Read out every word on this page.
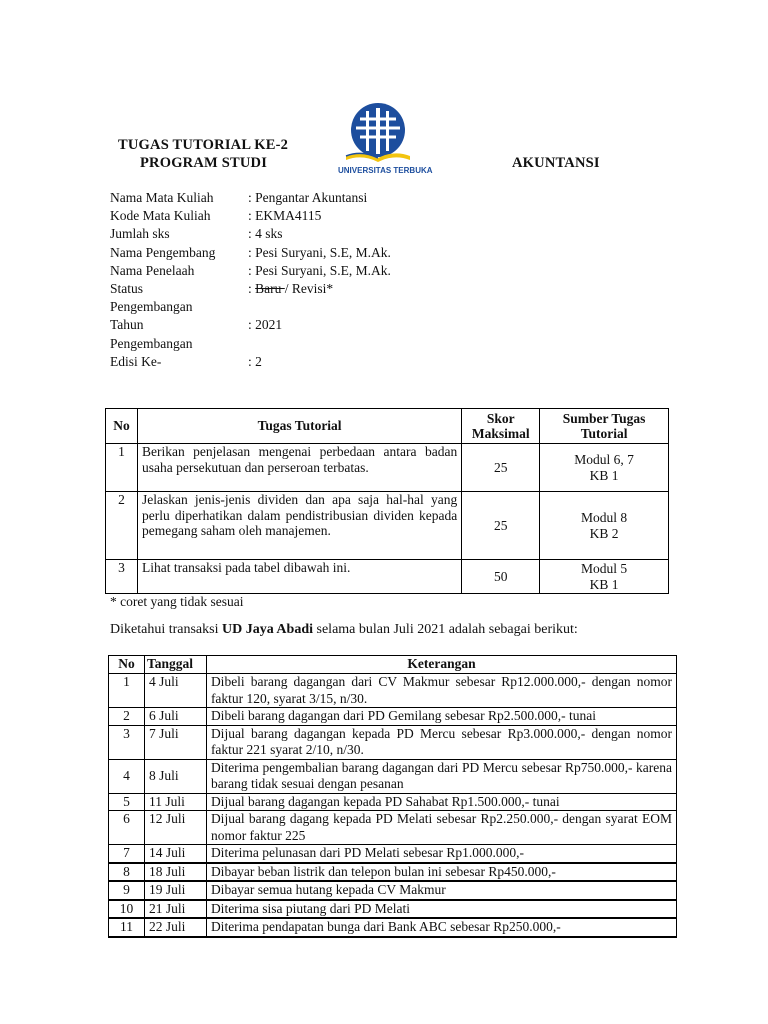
TUGAS TUTORIAL KE-2
PROGRAM STUDI	AKUNTANSI
UNIVERSITAS TERBUKA
Nama Mata Kuliah	: Pengantar Akuntansi
Kode Mata Kuliah	: EKMA4115
Jumlah sks	: 4 sks
Nama Pengembang	: Pesi Suryani, S.E, M.Ak.
Nama Penelaah	: Pesi Suryani, S.E, M.Ak.
Status	: Baru / Revisi*
Pengembangan
Tahun	: 2021
Pengembangan
Edisi Ke-	: 2
No	Tugas Tutorial	Skor Maksimal	Sumber Tugas Tutorial
1	Berikan penjelasan mengenai perbedaan antara badan usaha persekutuan dan perseroan terbatas.	25	Modul 6, 7
KB 1

2	Jelaskan jenis-jenis dividen dan apa saja hal-hal yang perlu diperhatikan dalam pendistribusian dividen kepada pemegang saham oleh manajemen.	25	Modul 8
KB 2

3	Lihat transaksi pada tabel dibawah ini.	50	Modul 5
KB 1
* coret yang tidak sesuai
Diketahui transaksi UD Jaya Abadi selama bulan Juli 2021 adalah sebagai berikut:
No	Tanggal	Keterangan
1	4 Juli	Dibeli barang dagangan dari CV Makmur sebesar Rp12.000.000,- dengan nomor faktur 120, syarat 3/15, n/30.
2	6 Juli	Dibeli barang dagangan dari PD Gemilang sebesar Rp2.500.000,- tunai
3	7 Juli	Dijual barang dagangan kepada PD Mercu sebesar Rp3.000.000,- dengan nomor faktur 221 syarat 2/10, n/30.
4	8 Juli	Diterima pengembalian barang dagangan dari PD Mercu sebesar Rp750.000,- karena barang tidak sesuai dengan pesanan
5	11 Juli	Dijual barang dagangan kepada PD Sahabat Rp1.500.000,- tunai
6	12 Juli	Dijual barang dagang kepada PD Melati sebesar Rp2.250.000,- dengan syarat EOM nomor faktur 225
7	14 Juli	Diterima pelunasan dari PD Melati sebesar Rp1.000.000,-
8	18 Juli	Dibayar beban listrik dan telepon bulan ini sebesar Rp450.000,-
9	19 Juli	Dibayar semua hutang kepada CV Makmur
10	21 Juli	Diterima sisa piutang dari PD Melati
11	22 Juli	Diterima pendapatan bunga dari Bank ABC sebesar Rp250.000,-
